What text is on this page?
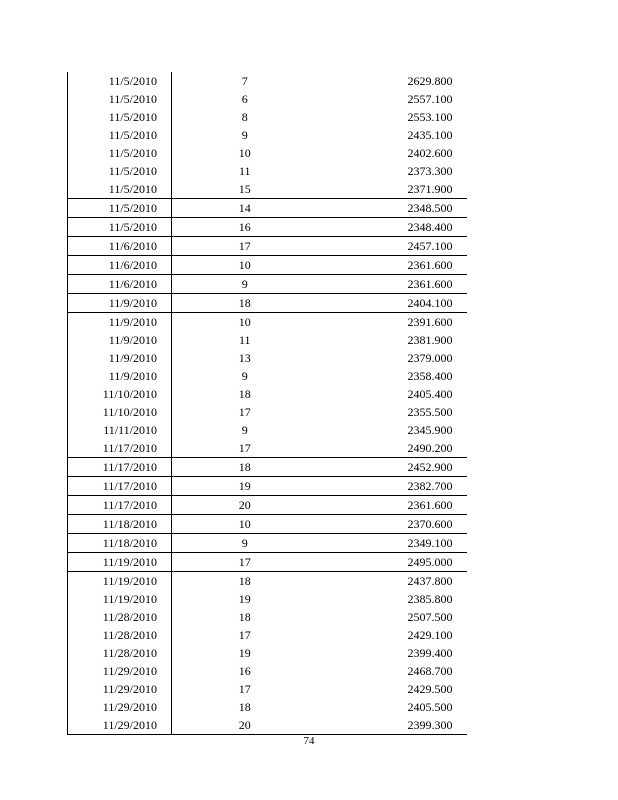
11/5/2010	7	2629.800
11/5/2010	6	2557.100
11/5/2010	8	2553.100
11/5/2010	9	2435.100
11/5/2010	10	2402.600
11/5/2010	11	2373.300
11/5/2010	15	2371.900
11/5/2010	14	2348.500
11/5/2010	16	2348.400
11/6/2010	17	2457.100
11/6/2010	10	2361.600
11/6/2010	9	2361.600
11/9/2010	18	2404.100
11/9/2010	10	2391.600
11/9/2010	11	2381.900
11/9/2010	13	2379.000
11/9/2010	9	2358.400
11/10/2010	18	2405.400
11/10/2010	17	2355.500
11/11/2010	9	2345.900
11/17/2010	17	2490.200
11/17/2010	18	2452.900
11/17/2010	19	2382.700
11/17/2010	20	2361.600
11/18/2010	10	2370.600
11/18/2010	9	2349.100
11/19/2010	17	2495.000
11/19/2010	18	2437.800
11/19/2010	19	2385.800
11/28/2010	18	2507.500
11/28/2010	17	2429.100
11/28/2010	19	2399.400
11/29/2010	16	2468.700
11/29/2010	17	2429.500
11/29/2010	18	2405.500
11/29/2010	20	2399.300
74
